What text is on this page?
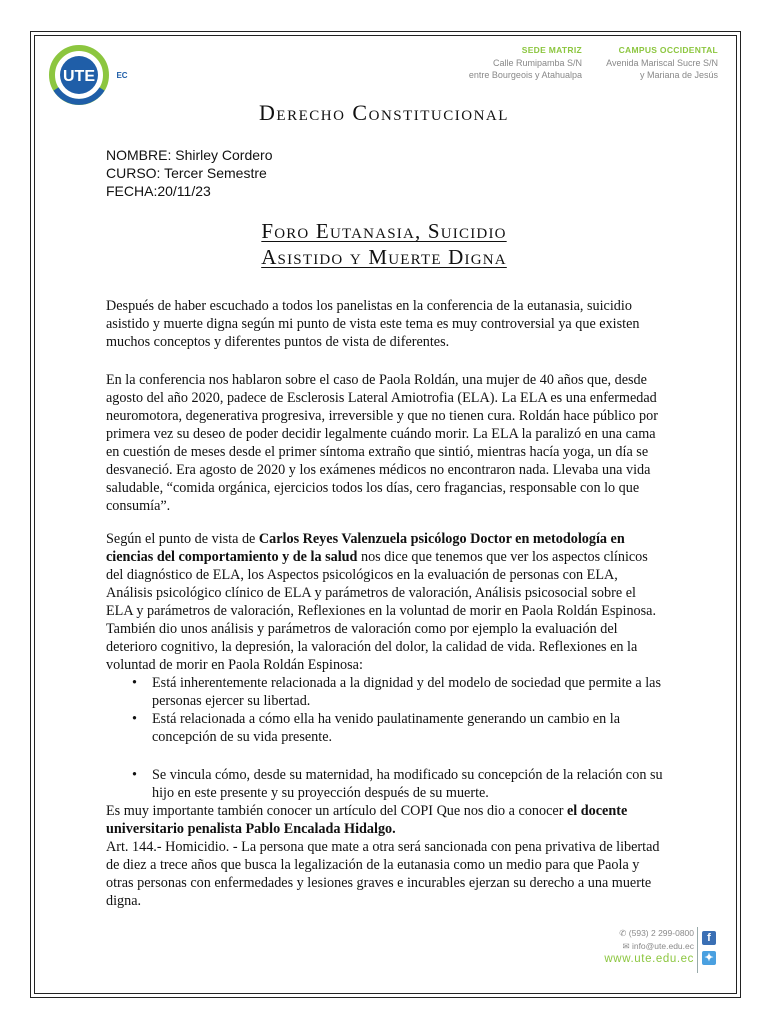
UTE	EC
SEDE MATRIZ
Calle Rumipamba S/N
entre Bourgeois y Atahualpa
CAMPUS OCCIDENTAL
Avenida Mariscal Sucre S/N
y Mariana de Jesús
Derecho Constitucional
NOMBRE: Shirley Cordero
CURSO: Tercer Semestre
FECHA:20/11/23
Foro Eutanasia, Suicidio
Asistido y Muerte Digna
Después de haber escuchado a todos los panelistas en la conferencia de la eutanasia, suicidio asistido y muerte digna según mi punto de vista este tema es muy controversial ya que existen muchos conceptos y diferentes puntos de vista de diferentes.
En la conferencia nos hablaron sobre el caso de Paola Roldán, una mujer de 40 años que, desde agosto del año 2020, padece de Esclerosis Lateral Amiotrofia (ELA). La ELA es una enfermedad neuromotora, degenerativa progresiva, irreversible y que no tienen cura. Roldán hace público por primera vez su deseo de poder decidir legalmente cuándo morir. La ELA la paralizó en una cama en cuestión de meses desde el primer síntoma extraño que sintió, mientras hacía yoga, un día se desvaneció. Era agosto de 2020 y los exámenes médicos no encontraron nada. Llevaba una vida saludable, “comida orgánica, ejercicios todos los días, cero fragancias, responsable con lo que consumía”.
Según el punto de vista de Carlos Reyes Valenzuela psicólogo Doctor en metodología en ciencias del comportamiento y de la salud nos dice que tenemos que ver los aspectos clínicos del diagnóstico de ELA, los Aspectos psicológicos en la evaluación de personas con ELA, Análisis psicológico clínico de ELA y parámetros de valoración, Análisis psicosocial sobre el ELA y parámetros de valoración, Reflexiones en la voluntad de morir en Paola Roldán Espinosa. También dio unos análisis y parámetros de valoración como por ejemplo la evaluación del deterioro cognitivo, la depresión, la valoración del dolor, la calidad de vida. Reflexiones en la voluntad de morir en Paola Roldán Espinosa:
• Está inherentemente relacionada a la dignidad y del modelo de sociedad que permite a las personas ejercer su libertad.
• Está relacionada a cómo ella ha venido paulatinamente generando un cambio en la concepción de su vida presente.
• Se vincula cómo, desde su maternidad, ha modificado su concepción de la relación con su hijo en este presente y su proyección después de su muerte.
Es muy importante también conocer un artículo del COPI Que nos dio a conocer el docente universitario penalista Pablo Encalada Hidalgo.
Art. 144.- Homicidio. - La persona que mate a otra será sancionada con pena privativa de libertad de diez a trece años que busca la legalización de la eutanasia como un medio para que Paola y otras personas con enfermedades y lesiones graves e incurables ejerzan su derecho a una muerte digna.
✆ (593) 2 299-0800
✉ info@ute.edu.ec
www.ute.edu.ec
f
✦
